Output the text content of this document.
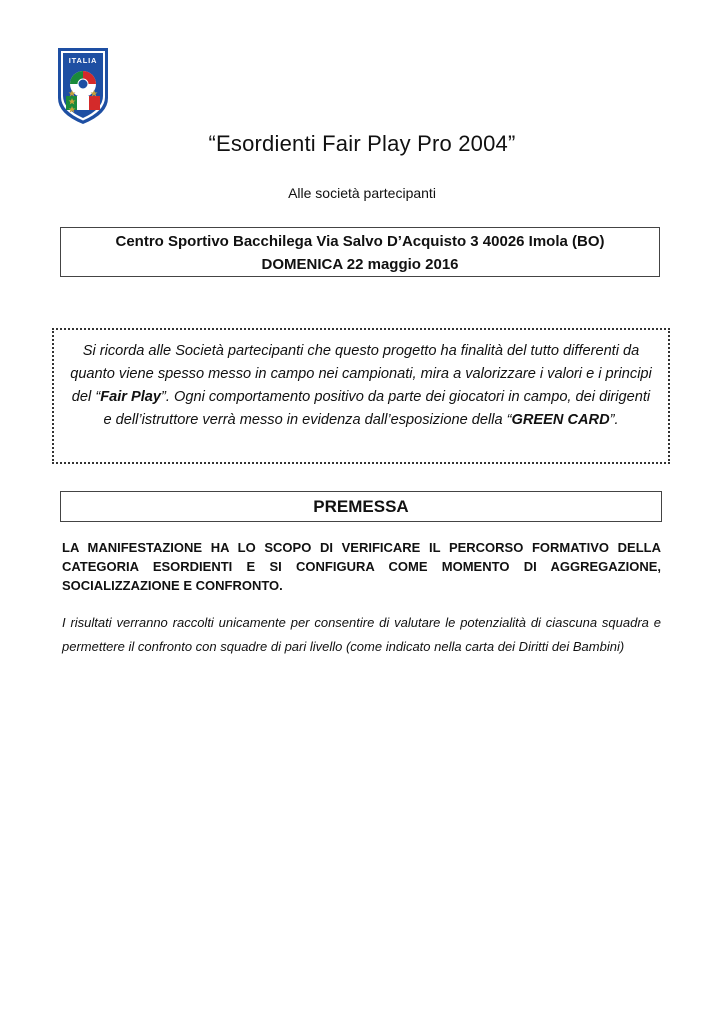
ITALIA
“Esordienti Fair Play Pro 2004”
Alle società partecipanti
Centro Sportivo Bacchilega Via Salvo D’Acquisto 3 40026 Imola (BO)
DOMENICA 22 maggio 2016
Si ricorda alle Società partecipanti che questo progetto ha finalità del tutto differenti da quanto viene spesso messo in campo nei campionati, mira a valorizzare i valori e i principi del “Fair Play”. Ogni comportamento positivo da parte dei giocatori in campo, dei dirigenti e dell’istruttore verrà messo in evidenza dall’esposizione della “GREEN CARD”.
PREMESSA
LA MANIFESTAZIONE HA LO SCOPO DI VERIFICARE IL PERCORSO FORMATIVO DELLA CATEGORIA ESORDIENTI E SI CONFIGURA COME MOMENTO DI AGGREGAZIONE, SOCIALIZZAZIONE E CONFRONTO.
I risultati verranno raccolti unicamente per consentire di valutare le potenzialità di ciascuna squadra e permettere il confronto con squadre di pari livello (come indicato nella carta dei Diritti dei Bambini)
